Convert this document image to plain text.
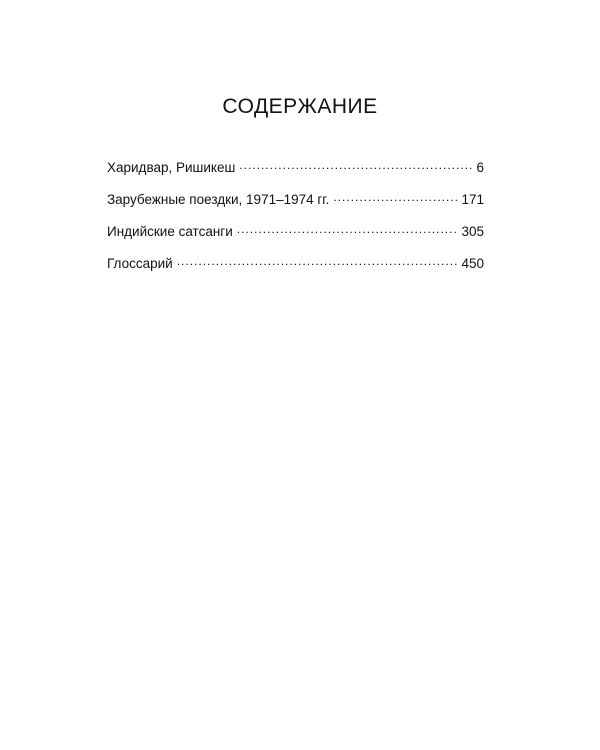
СОДЕРЖАНИЕ
Харидвар, Ришикеш .....	6
Зарубежные поездки, 1971–1974 гг. .....	171
Индийские сатсанги .....	305
Глоссарий .....	450
